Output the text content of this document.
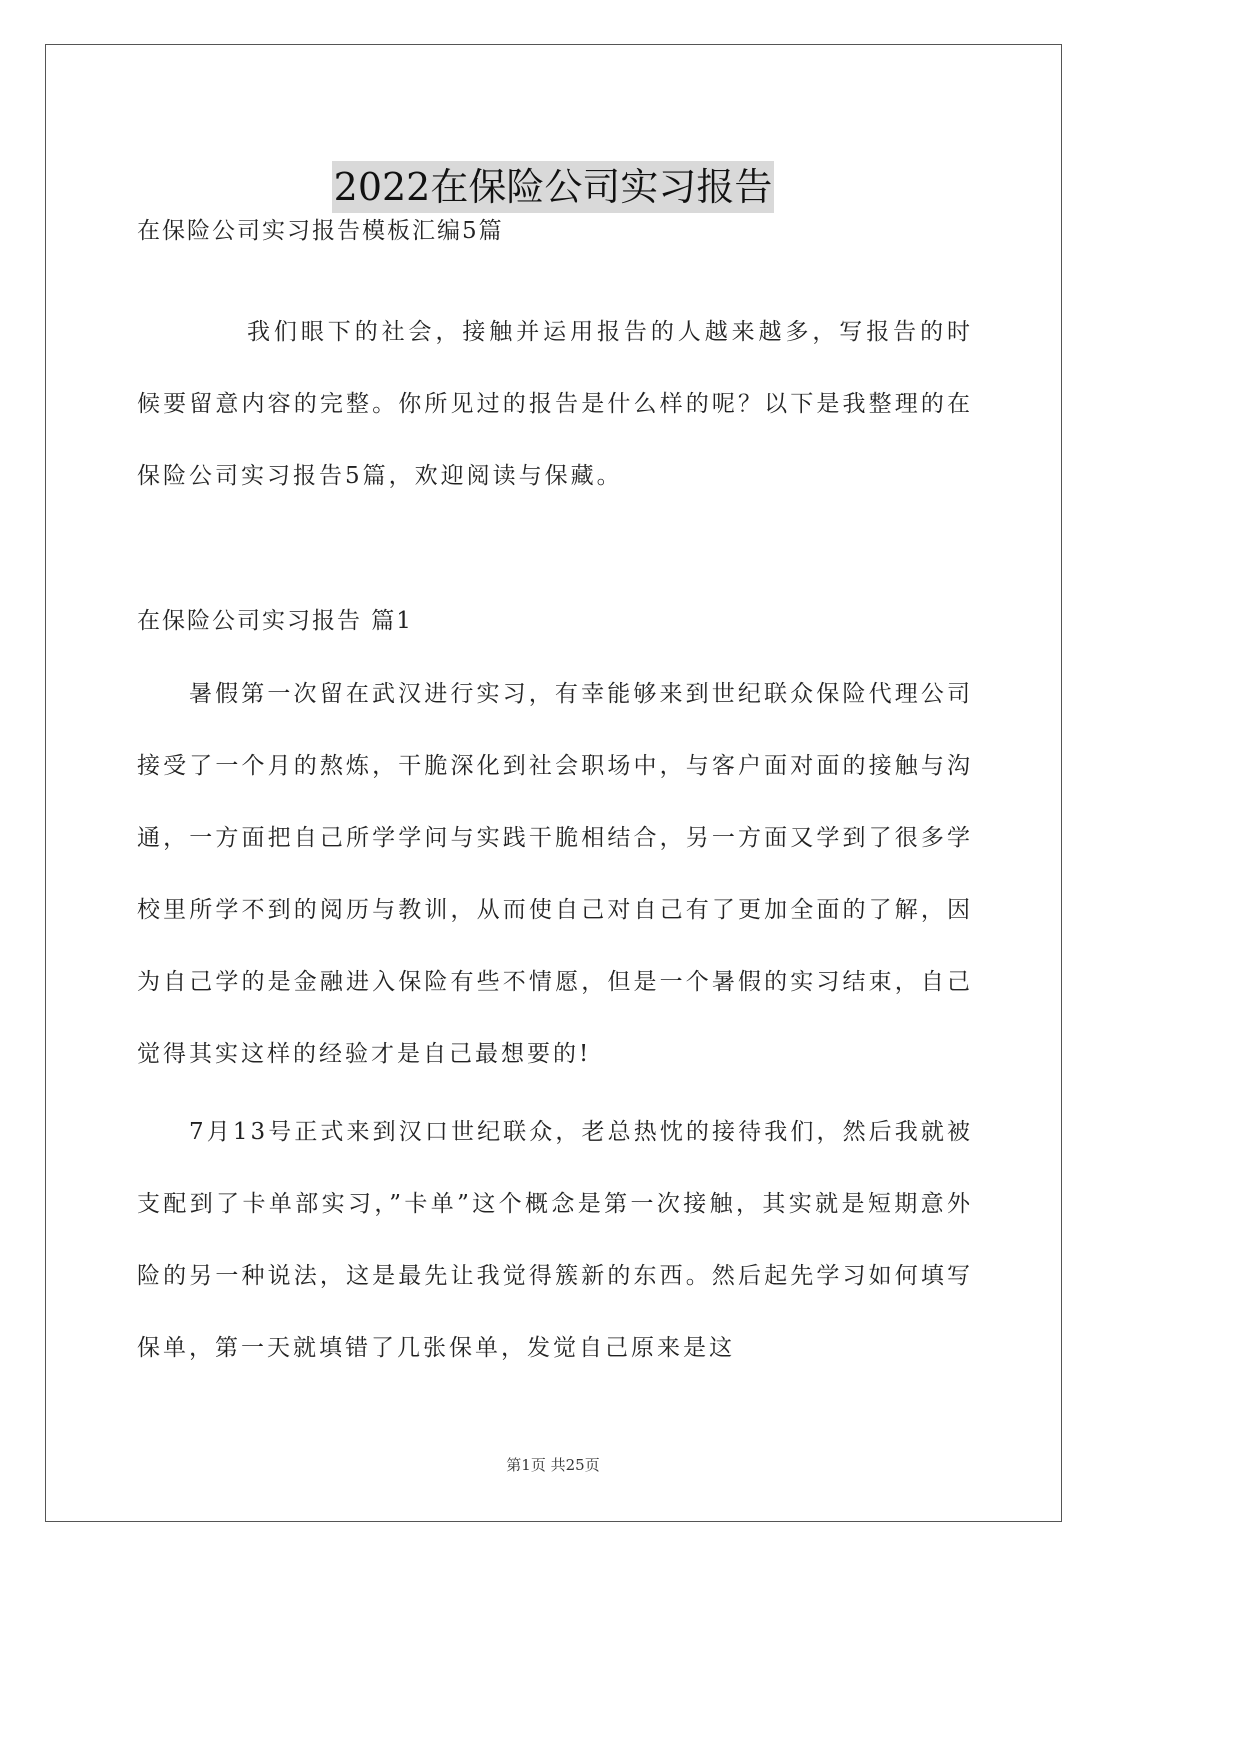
2022在保险公司实习报告
在保险公司实习报告模板汇编5篇

我们眼下的社会，接触并运用报告的人越来越多，写报告的时候要留意内容的完整。你所见过的报告是什么样的呢？以下是我整理的在保险公司实习报告5篇，欢迎阅读与保藏。

在保险公司实习报告 篇1

暑假第一次留在武汉进行实习，有幸能够来到世纪联众保险代理公司接受了一个月的熬炼，干脆深化到社会职场中，与客户面对面的接触与沟通，一方面把自己所学学问与实践干脆相结合，另一方面又学到了很多学校里所学不到的阅历与教训，从而使自己对自己有了更加全面的了解，因为自己学的是金融进入保险有些不情愿，但是一个暑假的实习结束，自己觉得其实这样的经验才是自己最想要的!

7月13号正式来到汉口世纪联众，老总热忱的接待我们，然后我就被支配到了卡单部实习，”卡单”这个概念是第一次接触，其实就是短期意外险的另一种说法，这是最先让我觉得簇新的东西。然后起先学习如何填写保单，第一天就填错了几张保单，发觉自己原来是这

第1页 共25页
